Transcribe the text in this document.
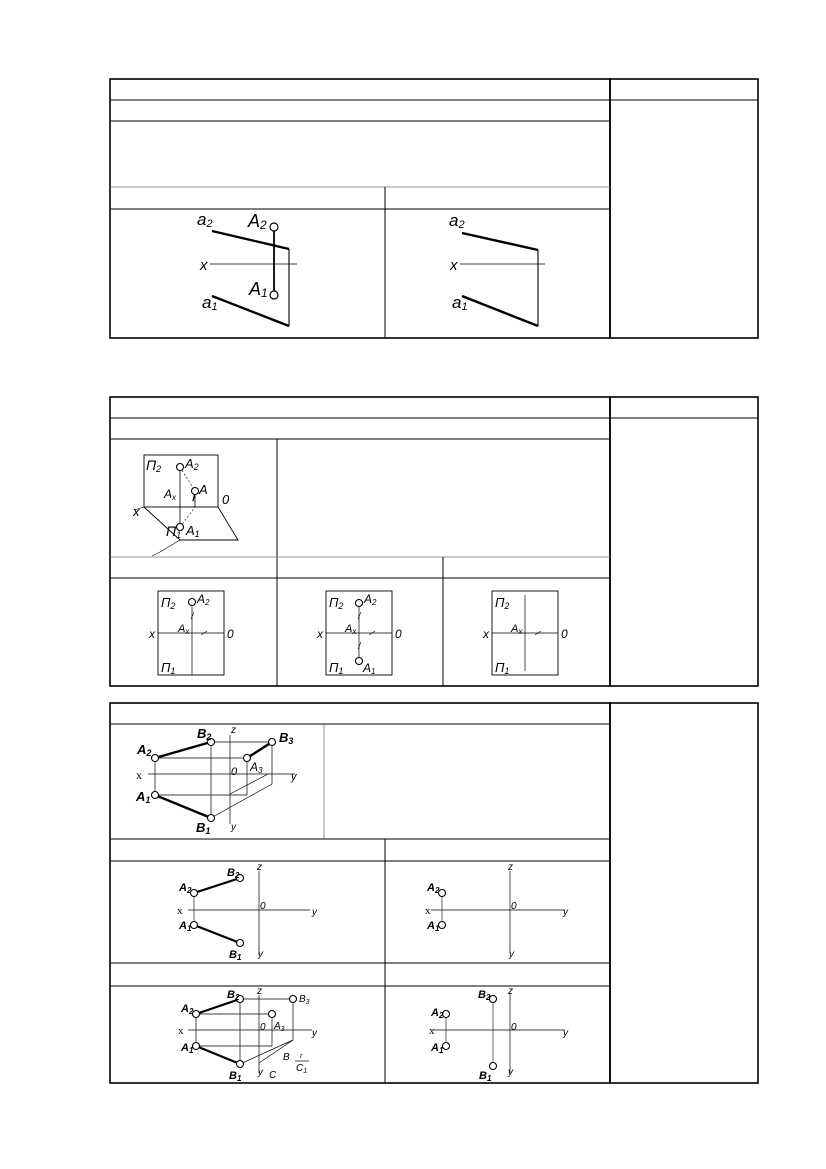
a2 A2
x
A1
a1
a2
x
a1
П2 A2
A
Ax	0
x
П1 A1
П2 A2
Ax
x	0
П1
П2 A2
Ax
x	0
П1 A1
П2
Ax
x	0
П1
B2
z	B3
A2
A3
0
x	y
A1
B1 y
B2
z
A2
x	0
y
A1
B1 y
z
A2
x	0
y
A1
y
B2
z
$B_3$
A2
$A_3$
x	0
y
A1
B r
$C_1$
B1
y C
B2
z
A2
x	0
y
A1
B1
y
